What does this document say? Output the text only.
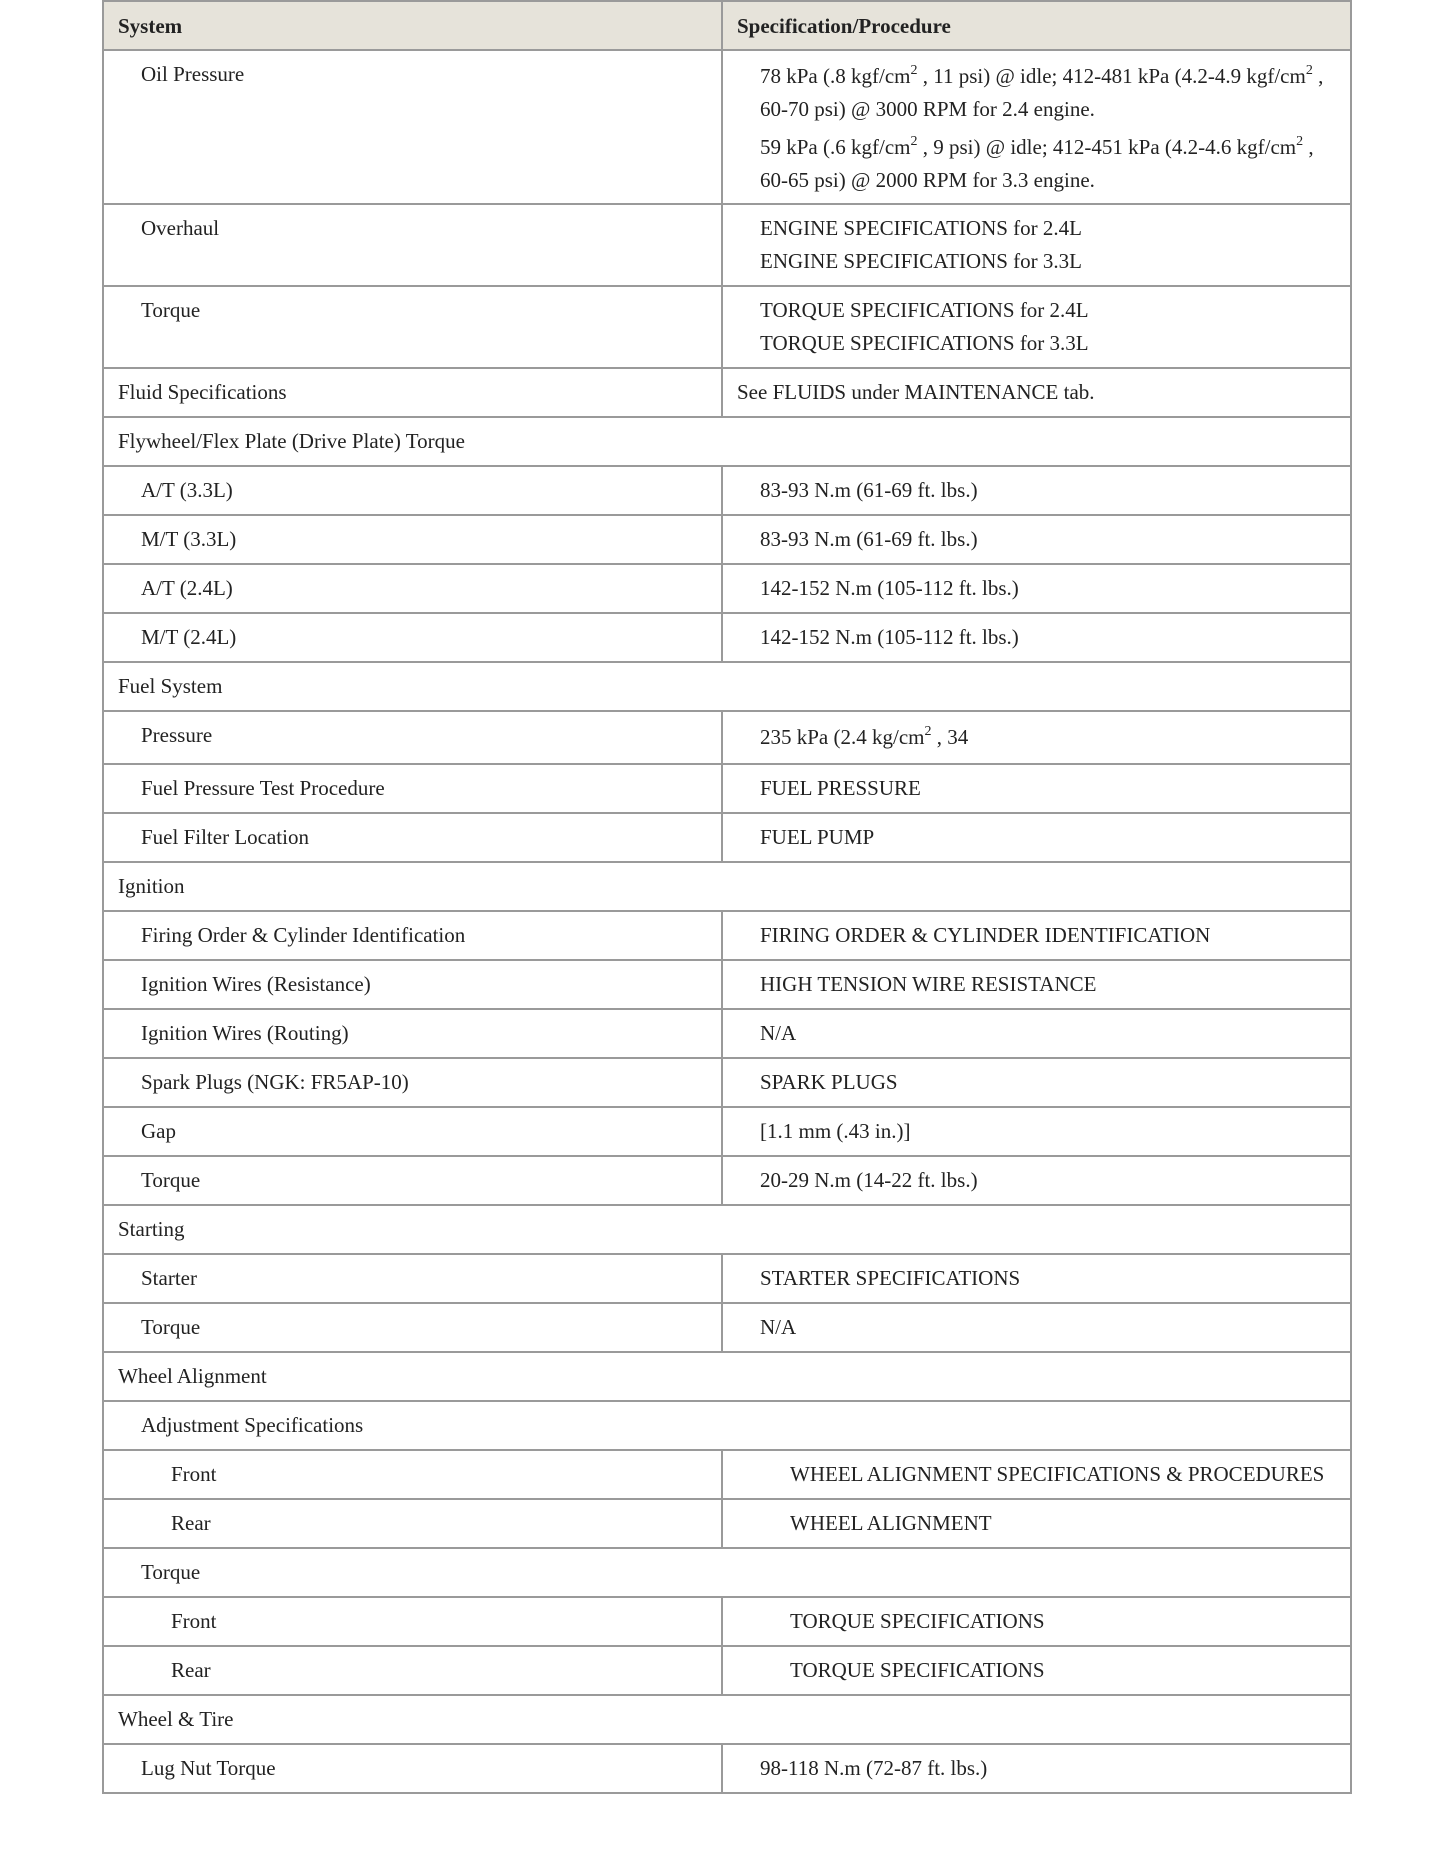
System	Specification/Procedure

Oil Pressure	78 kPa (.8 kgf/$cm^2$ , 11 psi) @ idle; 412-481 kPa (4.2-4.9 kgf/$cm^2$ , 60-70 psi) @ 3000 RPM for 2.4 engine.
59 kPa (.6 kgf/$cm^2$ , 9 psi) @ idle; 412-451 kPa (4.2-4.6 kgf/$cm^2$ , 60-65 psi) @ 2000 RPM for 3.3 engine.

Overhaul	ENGINE SPECIFICATIONS for 2.4L
ENGINE SPECIFICATIONS for 3.3L

Torque	TORQUE SPECIFICATIONS for 2.4L
TORQUE SPECIFICATIONS for 3.3L

Fluid Specifications	See FLUIDS under MAINTENANCE tab.

Flywheel/Flex Plate (Drive Plate) Torque	

A/T (3.3L)	83-93 N.m (61-69 ft. lbs.)

M/T (3.3L)	83-93 N.m (61-69 ft. lbs.)

A/T (2.4L)	142-152 N.m (105-112 ft. lbs.)

M/T (2.4L)	142-152 N.m (105-112 ft. lbs.)

Fuel System	

Pressure	235 kPa (2.4 $kg/cm^2$ , 34

Fuel Pressure Test Procedure	FUEL PRESSURE

Fuel Filter Location	FUEL PUMP

Ignition	

Firing Order & Cylinder Identification	FIRING ORDER & CYLINDER IDENTIFICATION

Ignition Wires (Resistance)	HIGH TENSION WIRE RESISTANCE

Ignition Wires (Routing)	N/A

Spark Plugs (NGK: FR5AP-10)	SPARK PLUGS

Gap	[1.1 mm (.43 in.)]

Torque	20-29 N.m (14-22 ft. lbs.)

Starting	

Starter	STARTER SPECIFICATIONS

Torque	N/A

Wheel Alignment	

Adjustment Specifications	

Front	WHEEL ALIGNMENT SPECIFICATIONS & PROCEDURES

Rear	WHEEL ALIGNMENT

Torque	

Front	TORQUE SPECIFICATIONS

Rear	TORQUE SPECIFICATIONS

Wheel & Tire	

Lug Nut Torque	98-118 N.m (72-87 ft. lbs.)
